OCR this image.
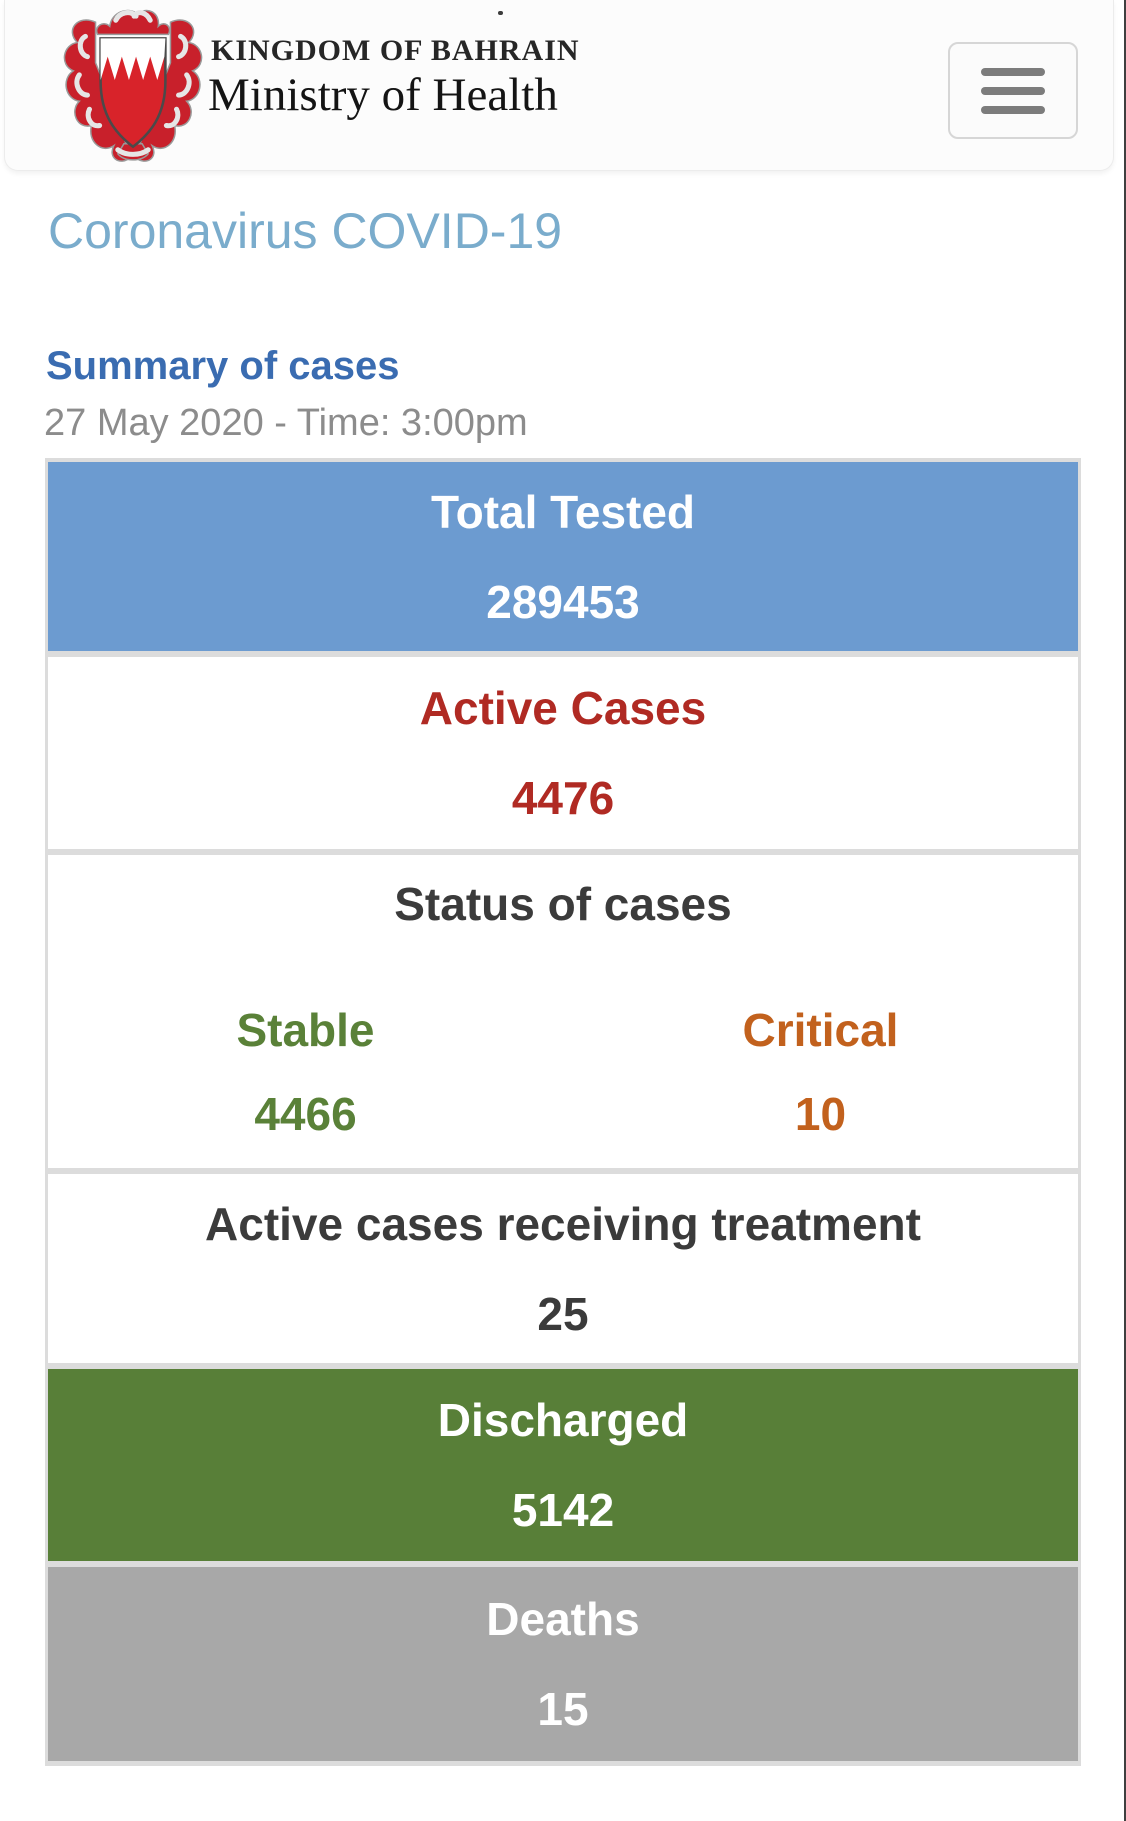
KINGDOM OF BAHRAIN
Ministry of Health
Coronavirus COVID-19
Summary of cases
27 May 2020 - Time: 3:00pm
Total Tested
289453
Active Cases
4476
Status of cases
Stable
4466
Critical
10
Active cases receiving treatment
25
Discharged
5142
Deaths
15
